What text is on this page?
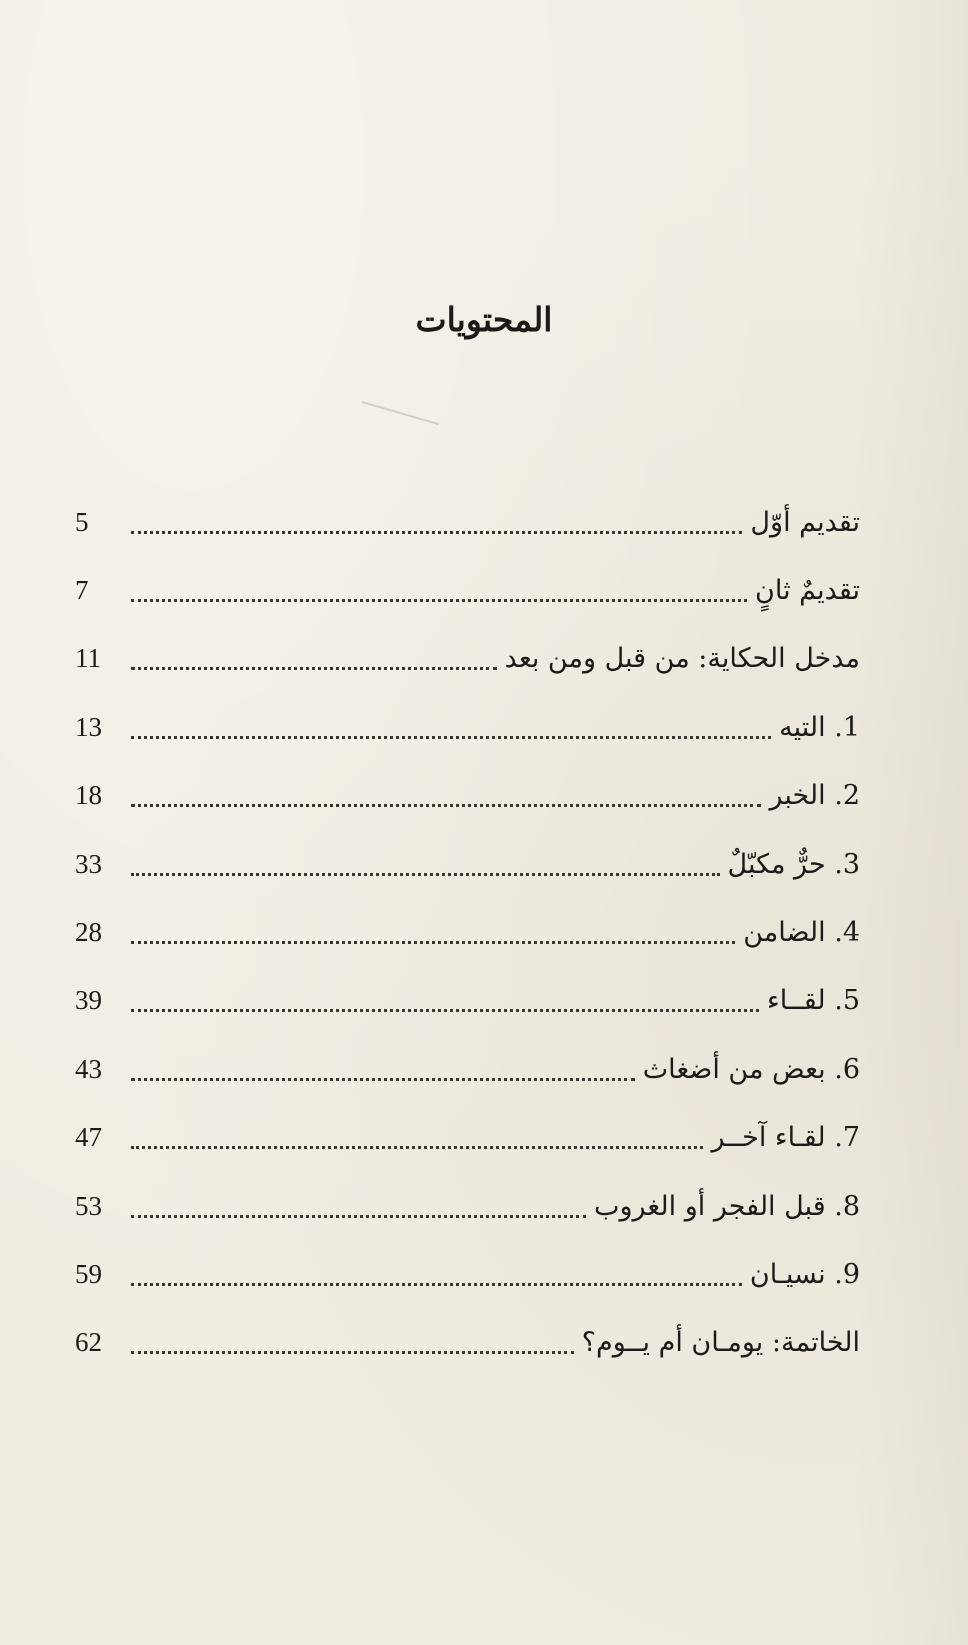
المحتويات
5	تقديم أوّل
7	تقديمٌ ثانٍ
11	مدخل الحكاية: من قبل ومن بعد
13	1. التيه
18	2. الخبر
33	3. حرٌّ مكبّلٌ
28	4. الضامن
39	5. لقــاء
43	6. بعض من أضغاث
47	7. لقـاء آخــر
53	8. قبل الفجر أو الغروب
59	9. نسيـان
62	الخاتمة: يومـان أم يــوم؟
